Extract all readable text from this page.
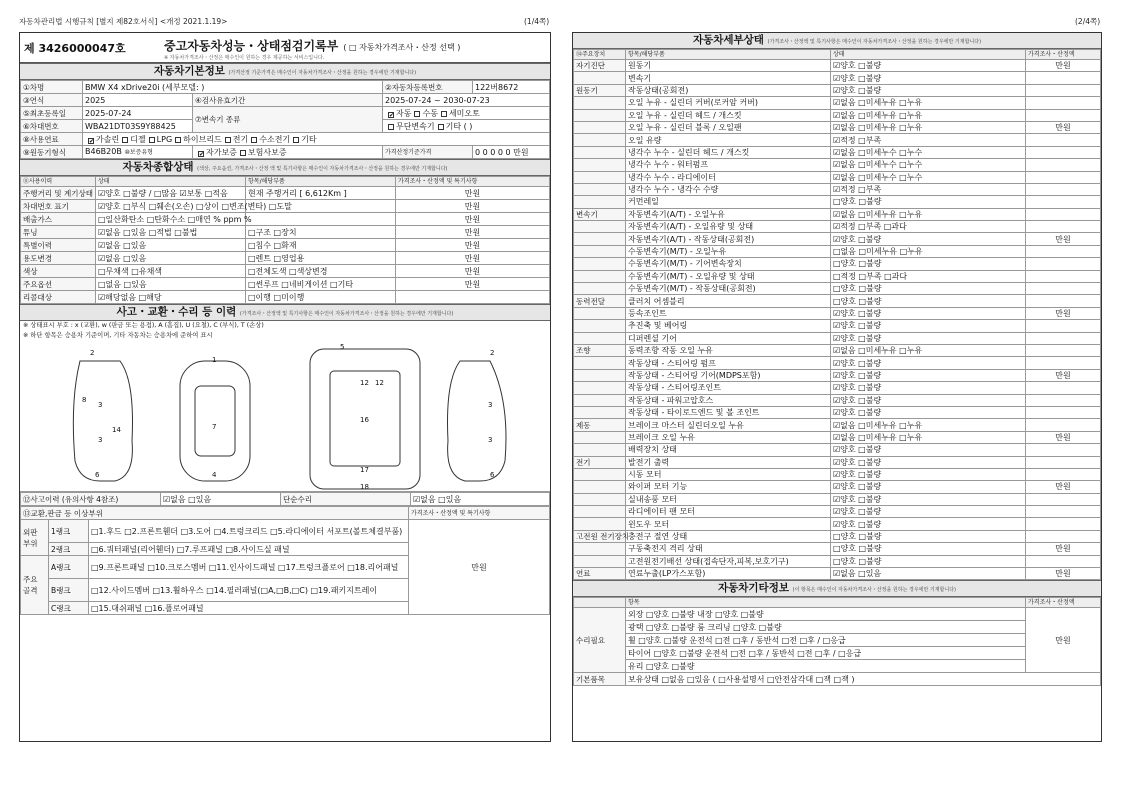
자동차관리법 시행규칙 [별지 제82호서식] <개정 2021.1.19>	(1/4쪽)	(2/4쪽)
제 3426000047호	중고자동차성능・상태점검기록부 ( □ 자동차가격조사・산정 선택 )
※ 자동차가격조사・산정은 매수인이 원하는 경우 제공하는 서비스입니다.
자동차기본정보 (가격산정 기준가격은 매수인이 자동차가격조사・산정을 원하는 경우에만 기재합니다)
①차명	BMW X4 xDrive20i (세부모델: )		②자동차등록번호	122버8672
③연식	2025	④검사유효기간	2025-07-24 ~ 2030-07-23	
⑤최초등록일	2025-07-24	⑦변속기 종류	✔자동 수동 세미오토
⑥차대번호	WBA21DT03S9Y88425		무단변속기 기타 ( )	
⑧사용연료	✔가솔린 디젤 LPG 하이브리드 전기 수소전기 기타
⑨원동기형식	B46B20B ⑩보증유형	✔자가보증 보험사보증	가격산정기준가격	0 0 0 0 0 만원
자동차종합상태 (색상, 주요옵션, 가격조사・산정 액 및 특기사항은 매수인이 자동차가격조사・산정을 원하는 경우에만 기재합니다)
⑪사용이력	상태	항목/해당부품	가격조사・산정액 및 특기사항
주행거리 및 계기상태	☑양호 □불량 / □많음 ☑보통 □적음	현재 주행거리 [ 6,612Km ]	만원
차대번호 표기	☑양호 □부식 □훼손(오손) □상이 □변조(변타) □도말		만원
배출가스	□일산화탄소 □탄화수소 □매연 % ppm %		만원
튜닝	☑없음 □있음 □적법 □불법	□구조 □장치	만원
특별이력	☑없음 □있음	□침수 □화재	만원
용도변경	☑없음 □있음	□렌트 □영업용	만원
색상	□무채색 □유채색	□전체도색 □색상변경	만원
주요옵션	□없음 □있음	□썬루프 □네비게이션 □기타	만원
리콜대상	☑해당없음 □해당	□이행 □미이행	
사고・교환・수리 등 이력 (가격조사・산정액 및 특기사항은 매수인이 자동차가격조사・산정을 원하는 경우에만 기재합니다)
※ 상태표시 부호 : x (교환), w (판금 또는 용접), A (흠집), U (요철), C (부식), T (손상)
※ 하단 항목은 승용차 기준이며, 기타 자동차는 승용차에 준하여 표시
2
8
3
3
14
6
1
7
4
5
12 12
16
17
18
2
3
3
6
⑫사고이력 (유의사항 4참조)	☑없음 □있음	단순수리	☑없음 □있음
⑬교환,판금 등 이상부위			가격조사・산정액 및 특기사항
외판 부위	1랭크	□1.후드 □2.프론트휀더 □3.도어 □4.트렁크리드 □5.라디에이터 서포트(볼트체결부품)	만원
	2랭크	□6.쿼터패널(리어휀더) □7.루프패널 □8.사이드실 패널	
주요 골격	A랭크	□9.프론트패널 □10.크로스멤버 □11.인사이드패널 □17.트렁크플로어 □18.리어패널	
	B랭크	□12.사이드멤버 □13.휠하우스 □14.필러패널(□A,□B,□C) □19.패키지트레이	
	C랭크	□15.대쉬패널 □16.플로어패널	
자동차세부상태 (가격조사・산정액 및 특기사항은 매수인이 자동차가격조사・산정을 원하는 경우에만 기재합니다)
⑭주요장치	항목/해당부품	상태	가격조사・산정액
자기진단	원동기	☑양호 □불량	만원
	변속기	☑양호 □불량	
원동기	작동상태(공회전)	☑양호 □불량	
	오일 누유 - 실린더 커버(로커암 커버)	☑없음 □미세누유 □누유	
	오일 누유 - 실린더 헤드 / 개스킷	☑없음 □미세누유 □누유	
	오일 누유 - 실린더 블록 / 오일팬	☑없음 □미세누유 □누유	만원
	오일 유량	☑적정 □부족	
	냉각수 누수 - 실린더 헤드 / 개스킷	☑없음 □미세누수 □누수	
	냉각수 누수 - 워터펌프	☑없음 □미세누수 □누수	
	냉각수 누수 - 라디에이터	☑없음 □미세누수 □누수	
	냉각수 누수 - 냉각수 수량	☑적정 □부족	
	커먼레일	□양호 □불량	
변속기	자동변속기(A/T) - 오일누유	☑없음 □미세누유 □누유	
	자동변속기(A/T) - 오일유량 및 상태	☑적정 □부족 □과다	
	자동변속기(A/T) - 작동상태(공회전)	☑양호 □불량	만원
	수동변속기(M/T) - 오일누유	□없음 □미세누유 □누유	
	수동변속기(M/T) - 기어변속장치	□양호 □불량	
	수동변속기(M/T) - 오일유량 및 상태	□적정 □부족 □과다	
	수동변속기(M/T) - 작동상태(공회전)	□양호 □불량	
동력전달	클러치 어셈블리	□양호 □불량	
	등속조인트	☑양호 □불량	만원
	추진축 및 베어링	☑양호 □불량	
	디퍼렌셜 기어	☑양호 □불량	
조향	동력조향 작동 오일 누유	☑없음 □미세누유 □누유	
	작동상태 - 스티어링 펌프	☑양호 □불량	
	작동상태 - 스티어링 기어(MDPS포함)	☑양호 □불량	만원
	작동상태 - 스티어링조인트	☑양호 □불량	
	작동상태 - 파워고압호스	☑양호 □불량	
	작동상태 - 타이로드엔드 및 볼 조인트	☑양호 □불량	
제동	브레이크 마스터 실린더오일 누유	☑없음 □미세누유 □누유	
	브레이크 오일 누유	☑없음 □미세누유 □누유	만원
	배력장치 상태	☑양호 □불량	
전기	발전기 출력	☑양호 □불량	
	시동 모터	☑양호 □불량	
	와이퍼 모터 기능	☑양호 □불량	만원
	실내송풍 모터	☑양호 □불량	
	라디에이터 팬 모터	☑양호 □불량	
	윈도우 모터	☑양호 □불량	
고전원 전기장치	충전구 절연 상태	□양호 □불량	
	구동축전지 격리 상태	□양호 □불량	만원
	고전원전기배선 상태(접속단자,피복,보호기구)	□양호 □불량	
연료	연료누출(LP가스포함)	☑없음 □있음	만원
자동차기타정보 (이 항목은 매수인이 자동차가격조사・산정을 원하는 경우에만 기재합니다)
	항목	가격조사・산정액
수리필요	외장 □양호 □불량 내장 □양호 □불량	만원
	광택 □양호 □불량 룸 크리닝 □양호 □불량	
	휠 □양호 □불량 운전석 □전 □후 / 동반석 □전 □후 / □응급	
	타이어 □양호 □불량 운전석 □전 □후 / 동반석 □전 □후 / □응급	
	유리 □양호 □불량	
기본품목	보유상태 □없음 □있음 ( □사용설명서 □안전삼각대 □잭 □잭 )	
